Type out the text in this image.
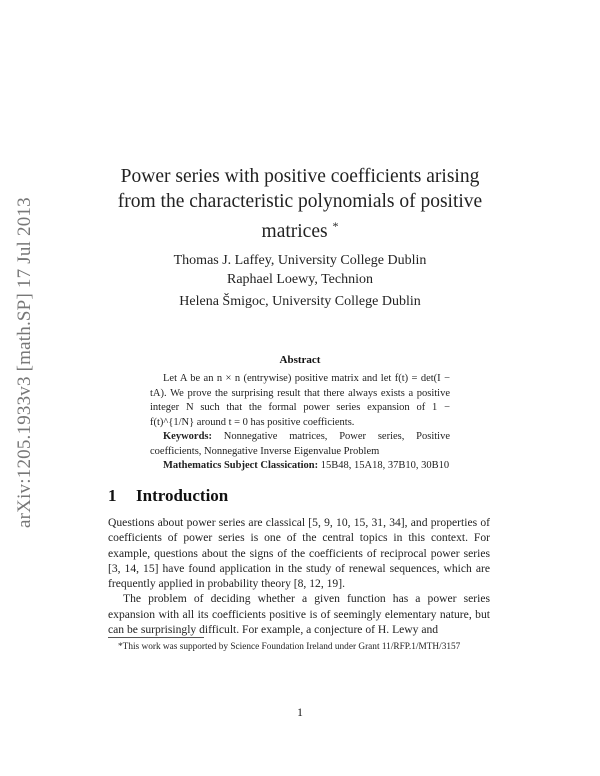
arXiv:1205.1933v3 [math.SP] 17 Jul 2013
Power series with positive coefficients arising
from the characteristic polynomials of positive
matrices *
Thomas J. Laffey, University College Dublin
Raphael Loewy, Technion
Helena Šmigoc, University College Dublin
Abstract

Let A be an n × n (entrywise) positive matrix and let f(t) = det(I − tA). We prove the surprising result that there always exists a positive integer N such that the formal power series expansion of 1 − f(t)^{1/N} around t = 0 has positive coefficients.

Keywords: Nonnegative matrices, Power series, Positive coefficients, Nonnegative Inverse Eigenvalue Problem

Mathematics Subject Classication: 15B48, 15A18, 37B10, 30B10

1 Introduction

Questions about power series are classical [5, 9, 10, 15, 31, 34], and properties of coefficients of power series is one of the central topics in this context. For example, questions about the signs of the coefficients of reciprocal power series [3, 14, 15] have found application in the study of renewal sequences, which are frequently applied in probability theory [8, 12, 19].

The problem of deciding whether a given function has a power series expansion with all its coefficients positive is of seemingly elementary nature, but can be surprisingly difficult. For example, a conjecture of H. Lewy and

*This work was supported by Science Foundation Ireland under Grant 11/RFP.1/MTH/3157

1
